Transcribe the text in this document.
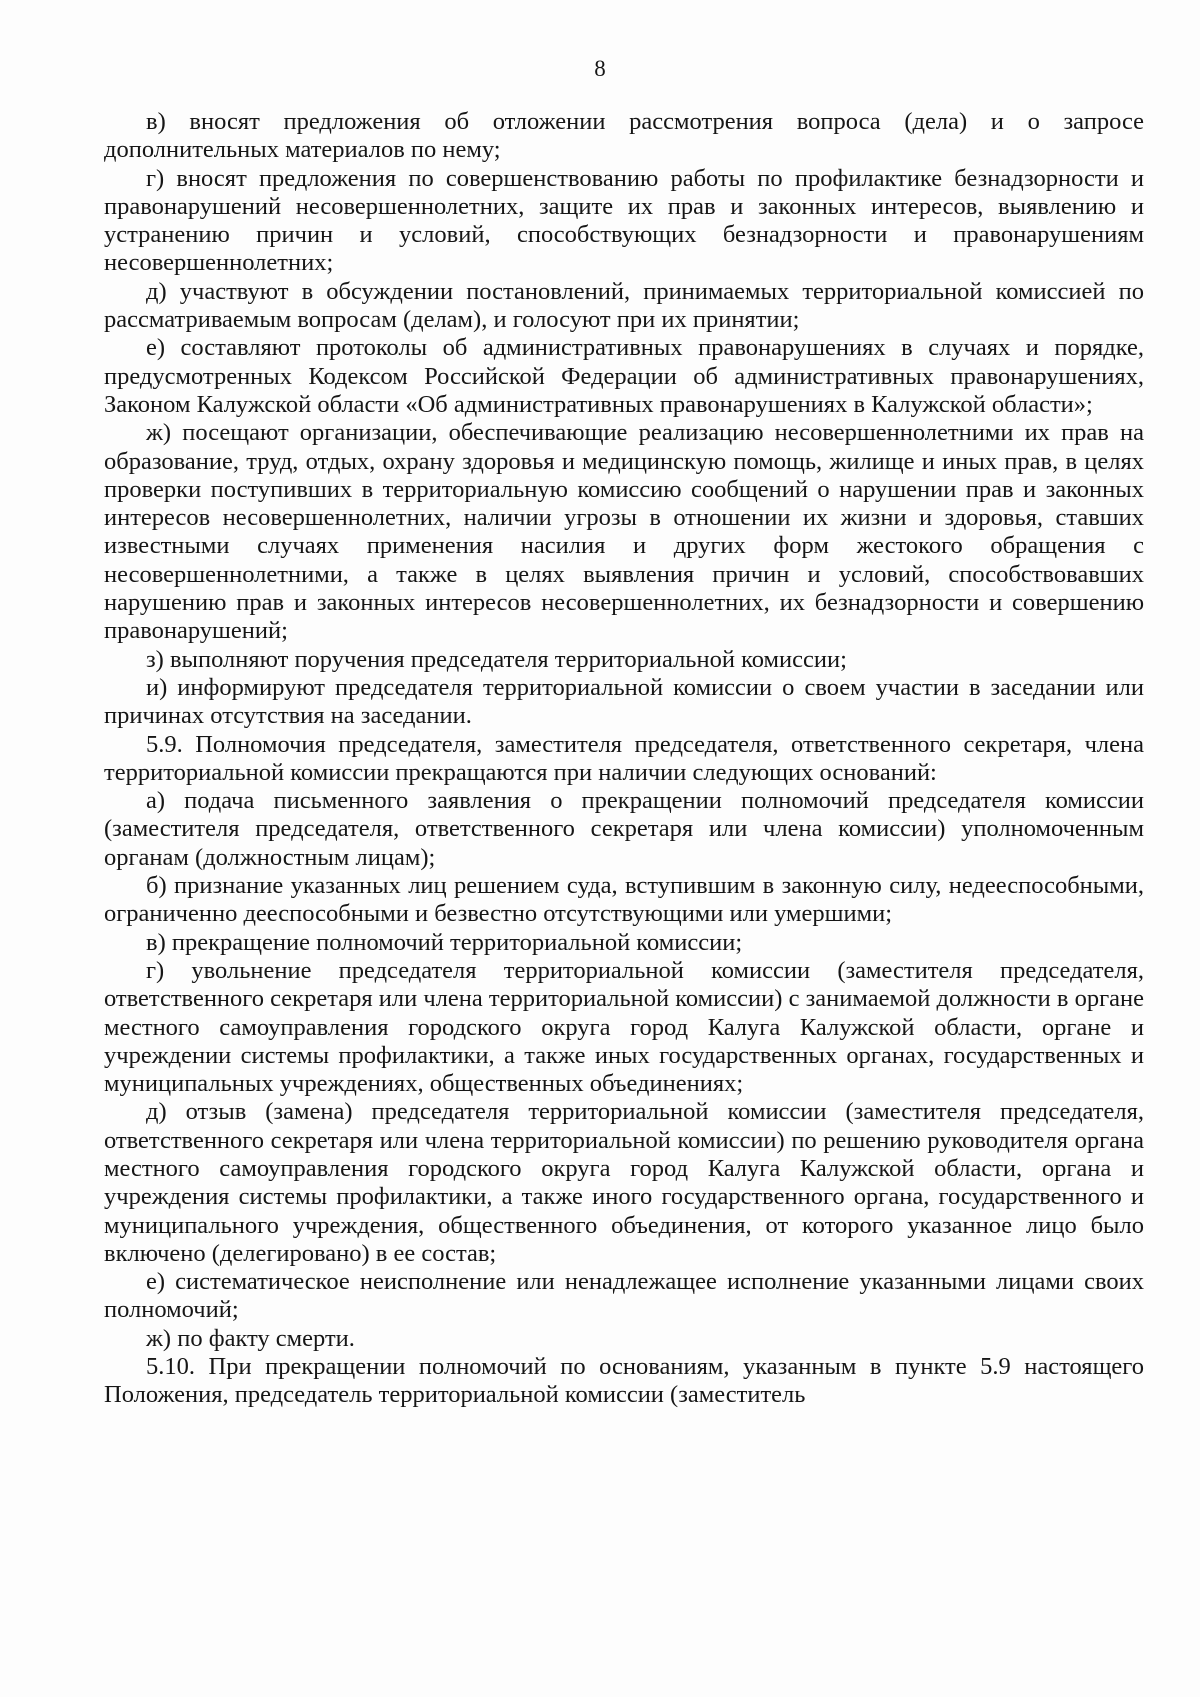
8

в) вносят предложения об отложении рассмотрения вопроса (дела) и о запросе дополнительных материалов по нему;

г) вносят предложения по совершенствованию работы по профилактике безнадзорности и правонарушений несовершеннолетних, защите их прав и законных интересов, выявлению и устранению причин и условий, способствующих безнадзорности и правонарушениям несовершеннолетних;

д) участвуют в обсуждении постановлений, принимаемых территориальной комиссией по рассматриваемым вопросам (делам), и голосуют при их принятии;

е) составляют протоколы об административных правонарушениях в случаях и порядке, предусмотренных Кодексом Российской Федерации об административных правонарушениях, Законом Калужской области «Об административных правонарушениях в Калужской области»;

ж) посещают организации, обеспечивающие реализацию несовершеннолетними их прав на образование, труд, отдых, охрану здоровья и медицинскую помощь, жилище и иных прав, в целях проверки поступивших в территориальную комиссию сообщений о нарушении прав и законных интересов несовершеннолетних, наличии угрозы в отношении их жизни и здоровья, ставших известными случаях применения насилия и других форм жестокого обращения с несовершеннолетними, а также в целях выявления причин и условий, способствовавших нарушению прав и законных интересов несовершеннолетних, их безнадзорности и совершению правонарушений;

з) выполняют поручения председателя территориальной комиссии;

и) информируют председателя территориальной комиссии о своем участии в заседании или причинах отсутствия на заседании.

5.9. Полномочия председателя, заместителя председателя, ответственного секретаря, члена территориальной комиссии прекращаются при наличии следующих оснований:

а) подача письменного заявления о прекращении полномочий председателя комиссии (заместителя председателя, ответственного секретаря или члена комиссии) уполномоченным органам (должностным лицам);

б) признание указанных лиц решением суда, вступившим в законную силу, недееспособными, ограниченно дееспособными и безвестно отсутствующими или умершими;

в) прекращение полномочий территориальной комиссии;

г) увольнение председателя территориальной комиссии (заместителя председателя, ответственного секретаря или члена территориальной комиссии) с занимаемой должности в органе местного самоуправления городского округа город Калуга Калужской области, органе и учреждении системы профилактики, а также иных государственных органах, государственных и муниципальных учреждениях, общественных объединениях;

д) отзыв (замена) председателя территориальной комиссии (заместителя председателя, ответственного секретаря или члена территориальной комиссии) по решению руководителя органа местного самоуправления городского округа город Калуга Калужской области, органа и учреждения системы профилактики, а также иного государственного органа, государственного и муниципального учреждения, общественного объединения, от которого указанное лицо было включено (делегировано) в ее состав;

е) систематическое неисполнение или ненадлежащее исполнение указанными лицами своих полномочий;

ж) по факту смерти.

5.10. При прекращении полномочий по основаниям, указанным в пункте 5.9 настоящего Положения, председатель территориальной комиссии (заместитель
